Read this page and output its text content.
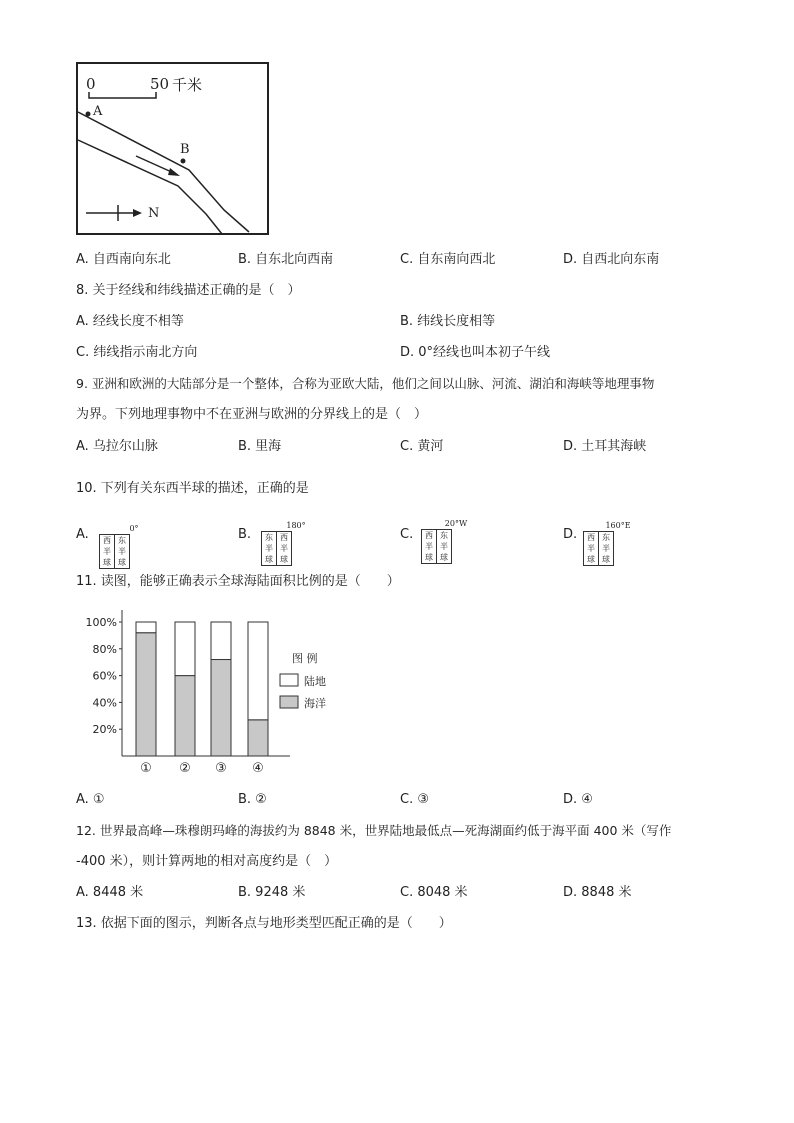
0	50 千米
A
B
N
A. 自西南向东北	B. 自东北向西南	C. 自东南向西北	D. 自西北向东南
8. 关于经线和纬线描述正确的是（　）
A. 经线长度不相等	B. 纬线长度相等
C. 纬线指示南北方向	D. 0°经线也叫本初子午线
9. 亚洲和欧洲的大陆部分是一个整体，合称为亚欧大陆，他们之间以山脉、河流、湖泊和海峡等地理事物
为界。下列地理事物中不在亚洲与欧洲的分界线上的是（　）
A. 乌拉尔山脉	B. 里海	C. 黄河	D. 土耳其海峡
10. 下列有关东西半球的描述，正确的是
A.	0°
西半球
东半球
B.
180°
东半球
西半球
C.
20°W
西半球
东半球
D.
160°E
西半球
东半球
11. 读图，能够正确表示全球海陆面积比例的是（　　）
20%
40%
60%
80%
100%
① ② ③ ④
图 例
陆地
海洋
A. ①	B. ②	C. ③	D. ④
12. 世界最高峰—珠穆朗玛峰的海拔约为 8848 米，世界陆地最低点—死海湖面约低于海平面 400 米（写作
-400 米），则计算两地的相对高度约是（　）
A. 8448 米	B. 9248 米	C. 8048 米	D. 8848 米
13. 依据下面的图示，判断各点与地形类型匹配正确的是（　　）
